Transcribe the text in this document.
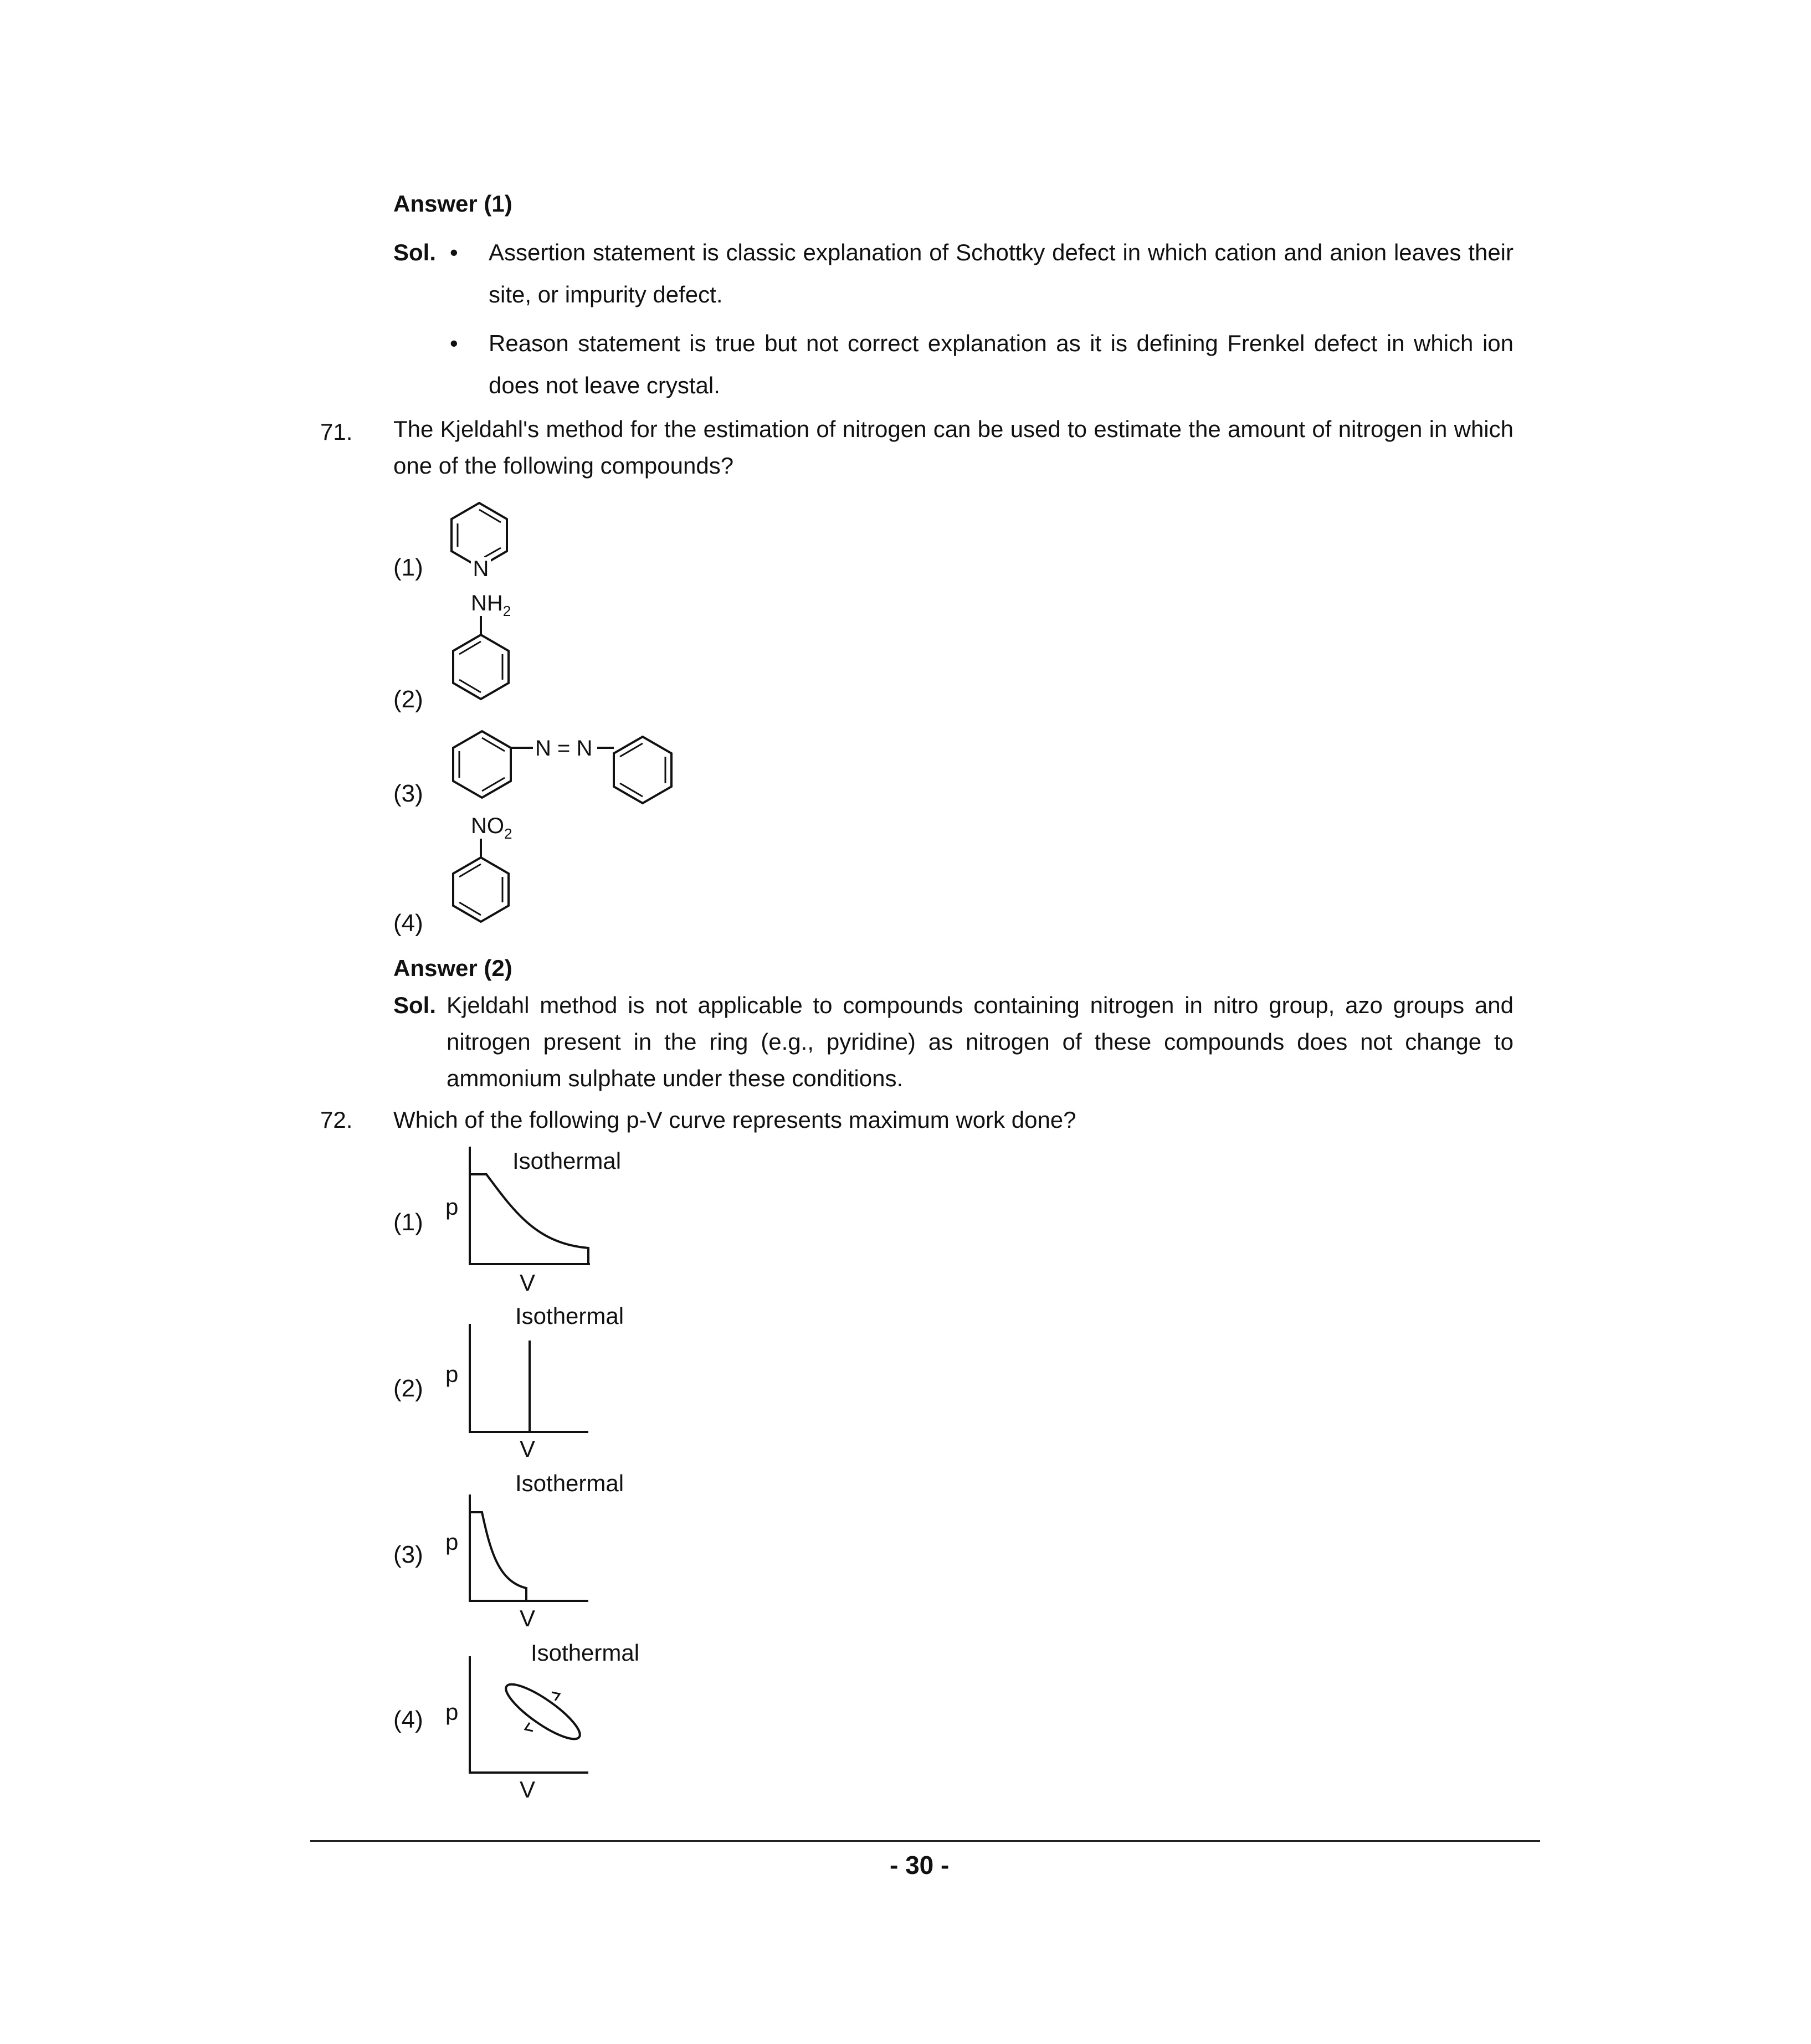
Answer (1)
Sol. • Assertion statement is classic explanation of Schottky defect in which cation and anion leaves their site, or impurity defect.
• Reason statement is true but not correct explanation as it is defining Frenkel defect in which ion does not leave crystal.
71. The Kjeldahl's method for the estimation of nitrogen can be used to estimate the amount of nitrogen in which one of the following compounds?
(1) N
(2)
$NH_2$
(3)
N = N
(4)
$NO_2$
Answer (2)
Sol. Kjeldahl method is not applicable to compounds containing nitrogen in nitro group, azo groups and nitrogen present in the ring (e.g., pyridine) as nitrogen of these compounds does not change to ammonium sulphate under these conditions.
72. Which of the following p-V curve represents maximum work done?
(1)
Isothermal
p
V
(2)
Isothermal
p
V
(3)
Isothermal
p
V
(4)
Isothermal
p
V
- 30 -
